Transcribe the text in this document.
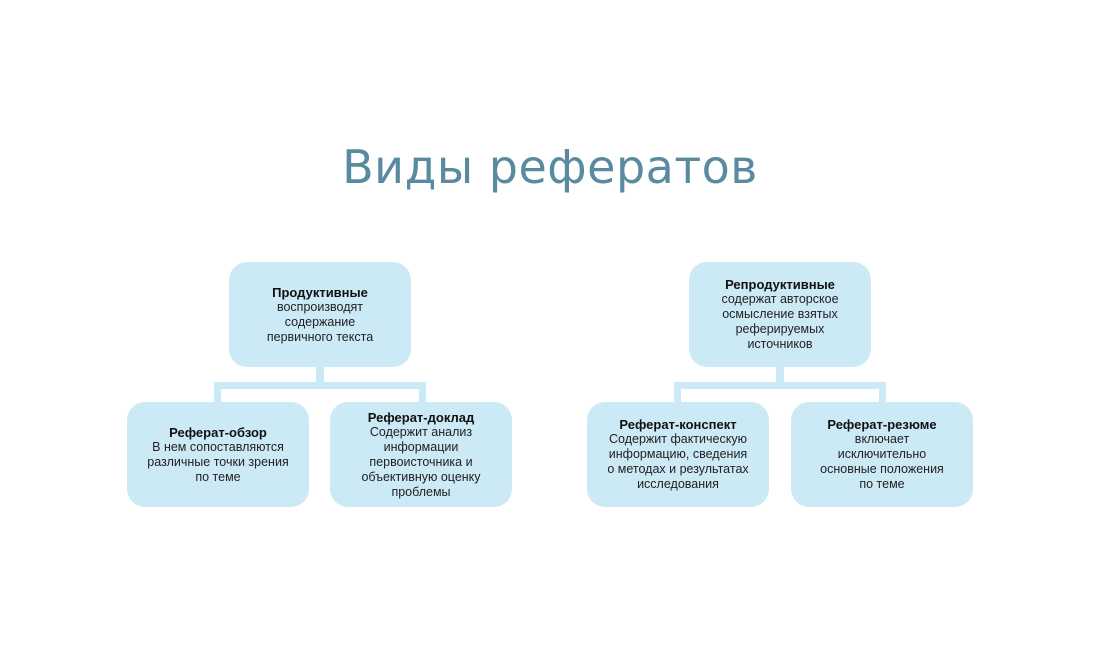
Виды рефератов
Продуктивные
воспроизводят
содержание
первичного текста
Репродуктивные
содержат авторское
осмысление взятых
реферируемых
источников
Реферат-обзор
В нем сопоставляются
различные точки зрения
по теме
Реферат-доклад
Содержит анализ
информации
первоисточника и
объективную оценку
проблемы
Реферат-конспект
Содержит фактическую
информацию, сведения
о методах и результатах
исследования
Реферат-резюме
включает
исключительно
основные положения
по теме
